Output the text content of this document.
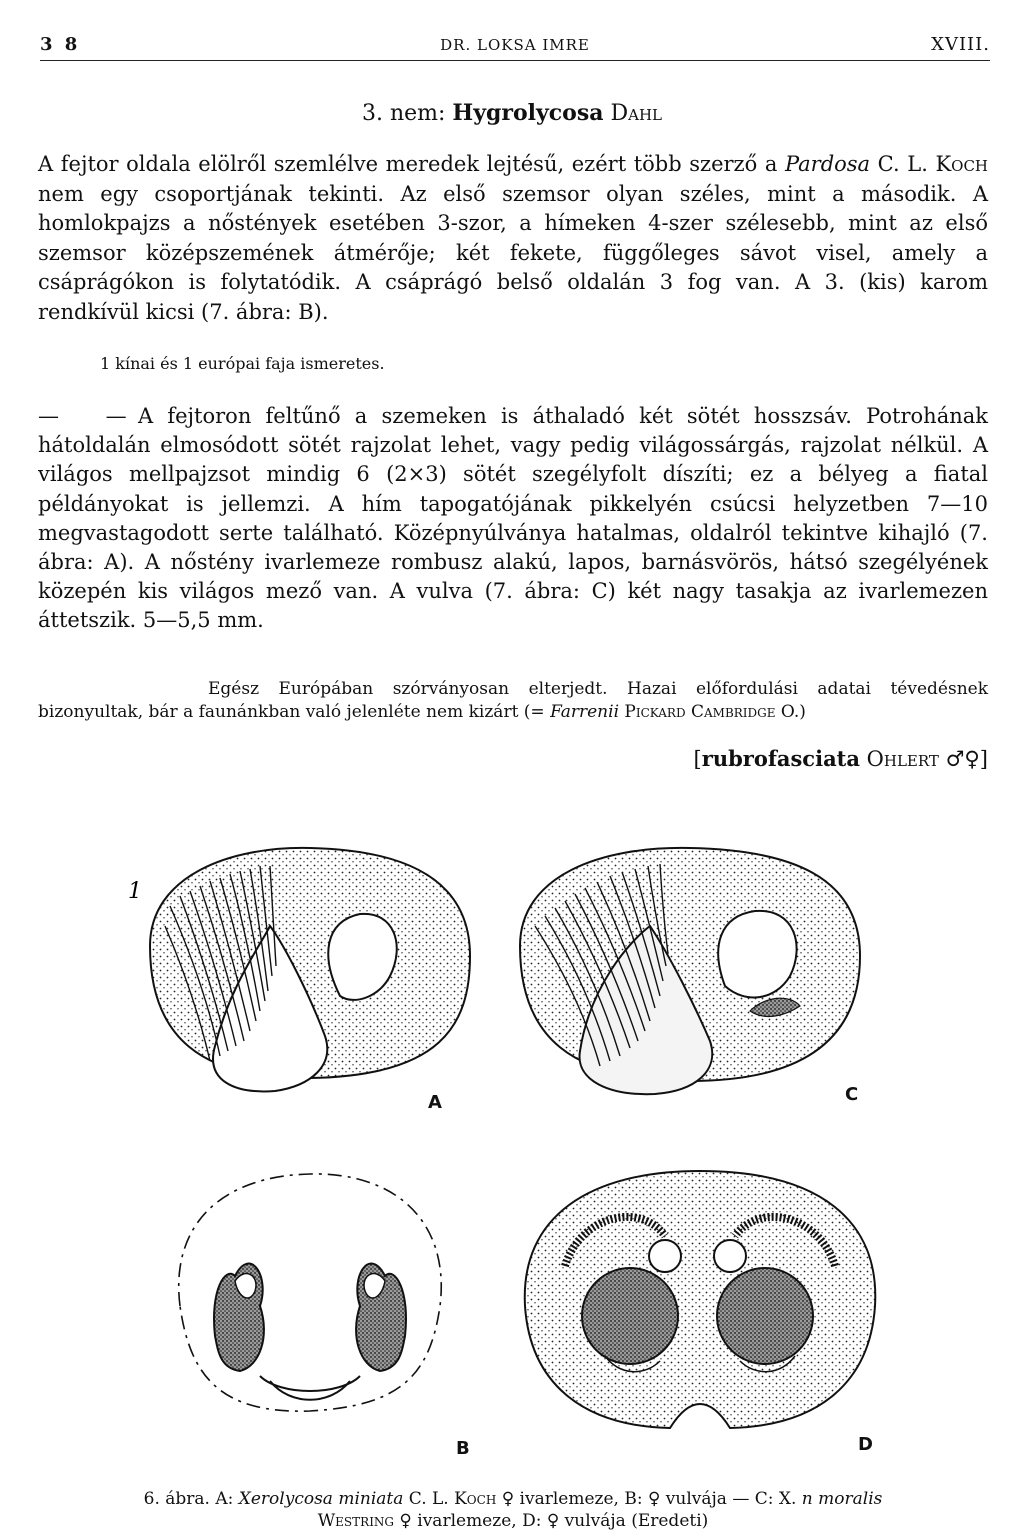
3 8	DR. LOKSA IMRE	XVIII.
3. nem: Hygrolycosa Dahl
A fejtor oldala elölről szemlélve meredek lejtésű, ezért több szerző a Pardosa C. L. Koch nem egy csoportjának tekinti. Az első szemsor olyan széles, mint a második. A homlokpajzs a nőstények esetében 3-szor, a hímeken 4-szer szélesebb, mint az első szemsor középszemének átmérője; két fekete, függőleges sávot visel, amely a csáprágókon is folytatódik. A csáprágó belső oldalán 3 fog van. A 3. (kis) karom rendkívül kicsi (7. ábra: B).
1 kínai és 1 európai faja ismeretes.
— —
A fejtoron feltűnő a szemeken is áthaladó két sötét hosszsáv. Potrohának hátoldalán elmosódott sötét rajzolat lehet, vagy pedig világossárgás, rajzolat nélkül. A világos mellpajzsot mindig 6 (2×3) sötét szegélyfolt díszíti; ez a bélyeg a fiatal példányokat is jellemzi. A hím tapogatójának pikkelyén csúcsi helyzetben 7—10 megvastagodott serte található. Középnyúlványa hatalmas, oldalról tekintve kihajló (7. ábra: A). A nőstény ivarlemeze rombusz alakú, lapos, barnásvörös, hátsó szegélyének közepén kis világos mező van. A vulva (7. ábra: C) két nagy tasakja az ivarlemezen áttetszik. 5—5,5 mm.
Egész Európában szórványosan elterjedt. Hazai előfordulási adatai tévedésnek bizonyultak, bár a faunánkban való jelenléte nem kizárt (= Farrenii Pickard Cambridge O.)
[rubrofasciata Ohlert ♂♀]
1
A	C
B	D
6. ábra. A: Xerolycosa miniata C. L. Koch ♀ ivarlemeze, B: ♀ vulvája — C: X. n moralis
Westring ♀ ivarlemeze, D: ♀ vulvája (Eredeti)
